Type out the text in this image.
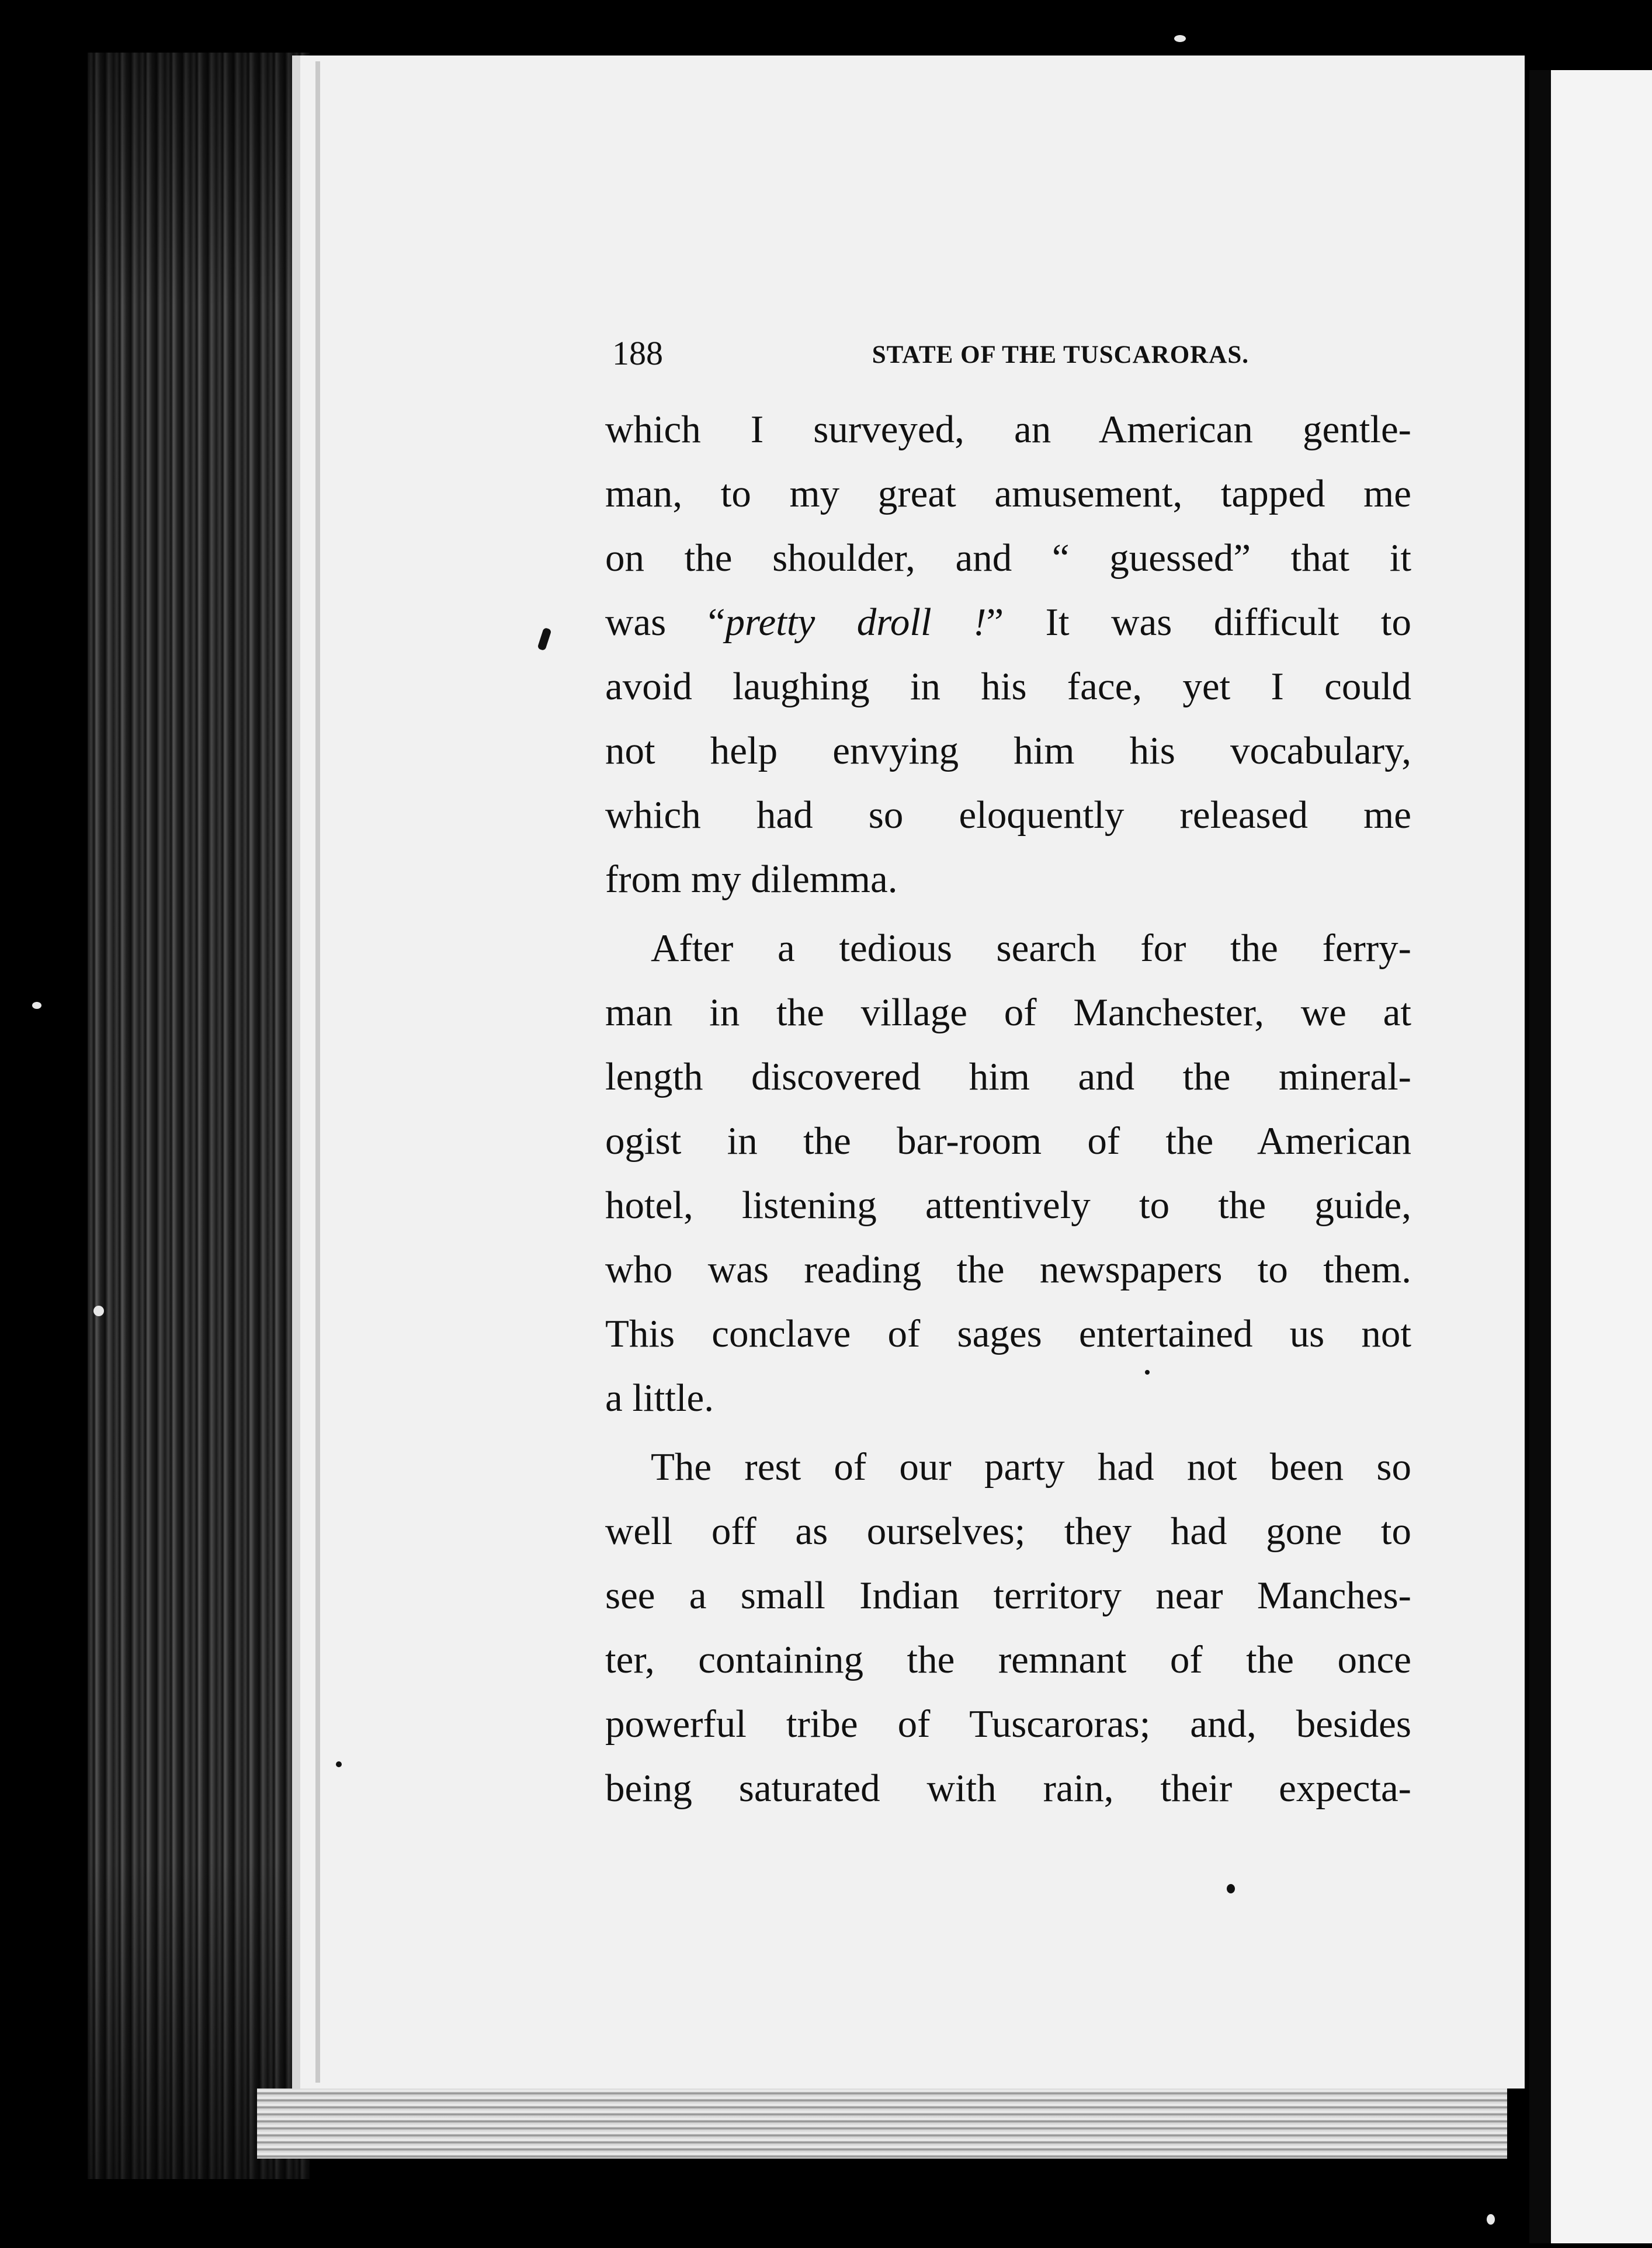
188	STATE OF THE TUSCARORAS.
which I surveyed, an American gentle-
man, to my great amusement, tapped me
on the shoulder, and “ guessed” that it
was “pretty droll !” It was difficult to
avoid laughing in his face, yet I could
not help envying him his vocabulary,
which had so eloquently released me
from my dilemma.
After a tedious search for the ferry-
man in the village of Manchester, we at
length discovered him and the mineral-
ogist in the bar-room of the American
hotel, listening attentively to the guide,
who was reading the newspapers to them.
This conclave of sages entertained us not
a little.
The rest of our party had not been so
well off as ourselves; they had gone to
see a small Indian territory near Manches-
ter, containing the remnant of the once
powerful tribe of Tuscaroras; and, besides
being saturated with rain, their expecta-
